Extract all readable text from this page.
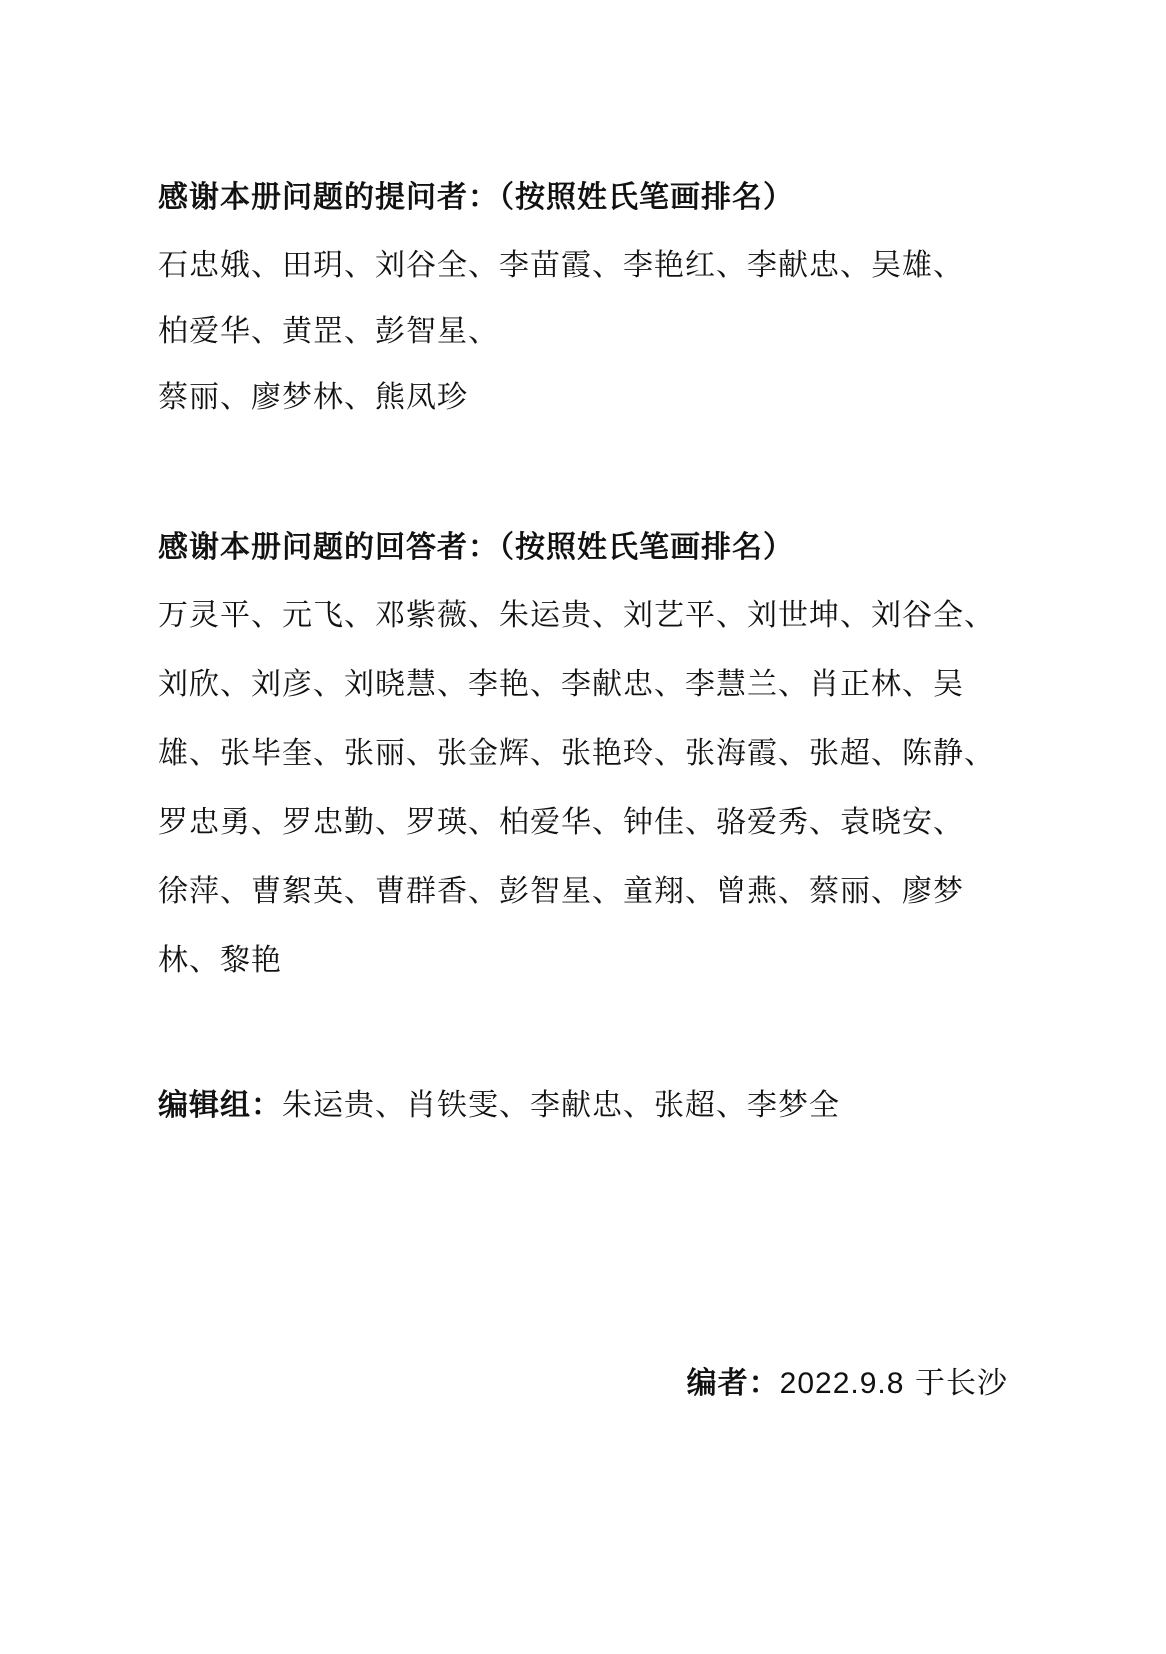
感谢本册问题的提问者：（按照姓氏笔画排名）
石忠娥、田玥、刘谷全、李苗霞、李艳红、李献忠、吴雄、
柏爱华、黄罡、彭智星、
蔡丽、廖梦林、熊凤珍
感谢本册问题的回答者：（按照姓氏笔画排名）
万灵平、元飞、邓紫薇、朱运贵、刘艺平、刘世坤、刘谷全、
刘欣、刘彦、刘晓慧、李艳、李献忠、李慧兰、肖正林、吴
雄、张毕奎、张丽、张金辉、张艳玲、张海霞、张超、陈静、
罗忠勇、罗忠勤、罗瑛、柏爱华、钟佳、骆爱秀、袁晓安、
徐萍、曹絮英、曹群香、彭智星、童翔、曾燕、蔡丽、廖梦
林、黎艳
编辑组：朱运贵、肖铁雯、李献忠、张超、李梦全
编者：2022.9.8 于长沙
